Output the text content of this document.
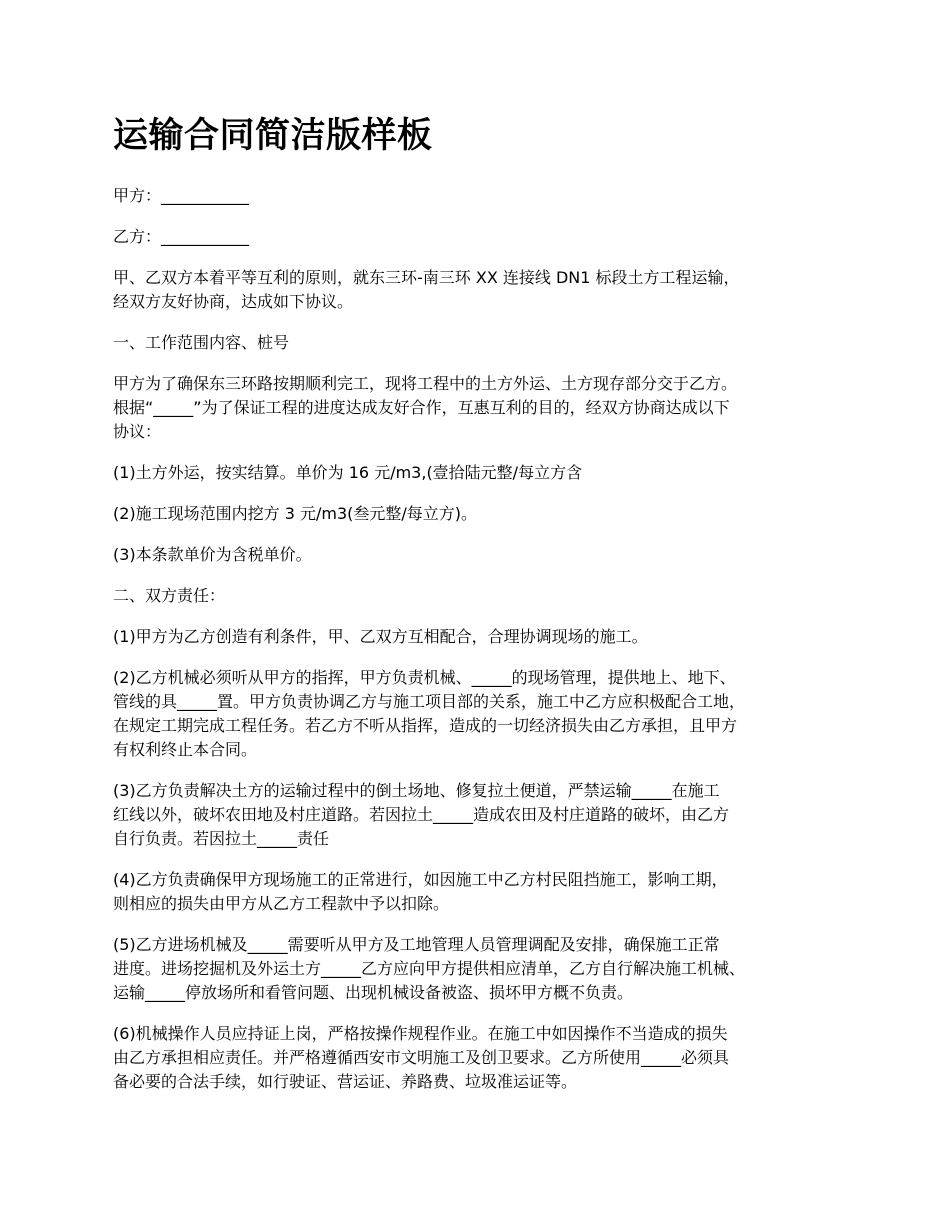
运输合同简洁版样板

甲方：___________

乙方：___________

甲、乙双方本着平等互利的原则，就东三环-南三环 XX 连接线 DN1 标段土方工程运输，
经双方友好协商，达成如下协议。

一、工作范围内容、桩号

甲方为了确保东三环路按期顺利完工，现将工程中的土方外运、土方现存部分交于乙方。
根据“_____”为了保证工程的进度达成友好合作，互惠互利的目的，经双方协商达成以下
协议：

(1)土方外运，按实结算。单价为 16 元/m3,(壹拾陆元整/每立方含

(2)施工现场范围内挖方 3 元/m3(叁元整/每立方)。

(3)本条款单价为含税单价。

二、双方责任：

(1)甲方为乙方创造有利条件，甲、乙双方互相配合，合理协调现场的施工。

(2)乙方机械必须听从甲方的指挥，甲方负责机械、_____的现场管理，提供地上、地下、
管线的具_____置。甲方负责协调乙方与施工项目部的关系，施工中乙方应积极配合工地，
在规定工期完成工程任务。若乙方不听从指挥，造成的一切经济损失由乙方承担，且甲方
有权利终止本合同。

(3)乙方负责解决土方的运输过程中的倒土场地、修复拉土便道，严禁运输_____在施工
红线以外，破坏农田地及村庄道路。若因拉土_____造成农田及村庄道路的破坏，由乙方
自行负责。若因拉土_____责任

(4)乙方负责确保甲方现场施工的正常进行，如因施工中乙方村民阻挡施工，影响工期，
则相应的损失由甲方从乙方工程款中予以扣除。

(5)乙方进场机械及_____需要听从甲方及工地管理人员管理调配及安排，确保施工正常
进度。进场挖掘机及外运土方_____乙方应向甲方提供相应清单，乙方自行解决施工机械、
运输_____停放场所和看管问题、出现机械设备被盗、损坏甲方概不负责。

(6)机械操作人员应持证上岗，严格按操作规程作业。在施工中如因操作不当造成的损失
由乙方承担相应责任。并严格遵循西安市文明施工及创卫要求。乙方所使用_____必须具
备必要的合法手续，如行驶证、营运证、养路费、垃圾准运证等。
